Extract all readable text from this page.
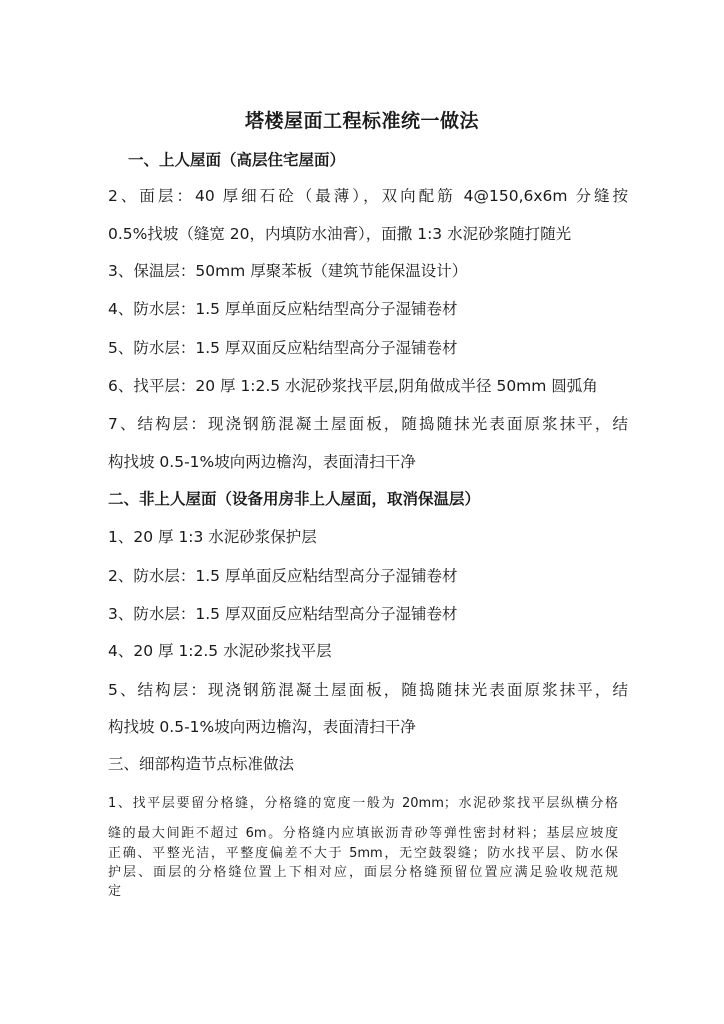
塔楼屋面工程标准统一做法
一、上人屋面（高层住宅屋面）
2、面层：40 厚细石砼（最薄），双向配筋 4@150,6x6m 分缝按
0.5%找坡（缝宽 20，内填防水油膏），面撒 1:3 水泥砂浆随打随光
3、保温层：50mm 厚聚苯板（建筑节能保温设计）
4、防水层：1.5 厚单面反应粘结型高分子湿铺卷材
5、防水层：1.5 厚双面反应粘结型高分子湿铺卷材
6、找平层：20 厚 1:2.5 水泥砂浆找平层,阴角做成半径 50mm 圆弧角
7、结构层：现浇钢筋混凝土屋面板，随捣随抹光表面原浆抹平，结
构找坡 0.5-1%坡向两边檐沟，表面清扫干净
二、非上人屋面（设备用房非上人屋面，取消保温层）
1、20 厚 1:3 水泥砂浆保护层
2、防水层：1.5 厚单面反应粘结型高分子湿铺卷材
3、防水层：1.5 厚双面反应粘结型高分子湿铺卷材
4、20 厚 1:2.5 水泥砂浆找平层
5、结构层：现浇钢筋混凝土屋面板，随捣随抹光表面原浆抹平，结
构找坡 0.5-1%坡向两边檐沟，表面清扫干净
三、细部构造节点标准做法
1、找平层要留分格缝，分格缝的宽度一般为 20mm；水泥砂浆找平层纵横分格
缝的最大间距不超过 6m。分格缝内应填嵌沥青砂等弹性密封材料；基层应坡度
正确、平整光洁，平整度偏差不大于 5mm，无空鼓裂缝；防水找平层、防水保
护层、面层的分格缝位置上下相对应，面层分格缝预留位置应满足验收规范规
定
